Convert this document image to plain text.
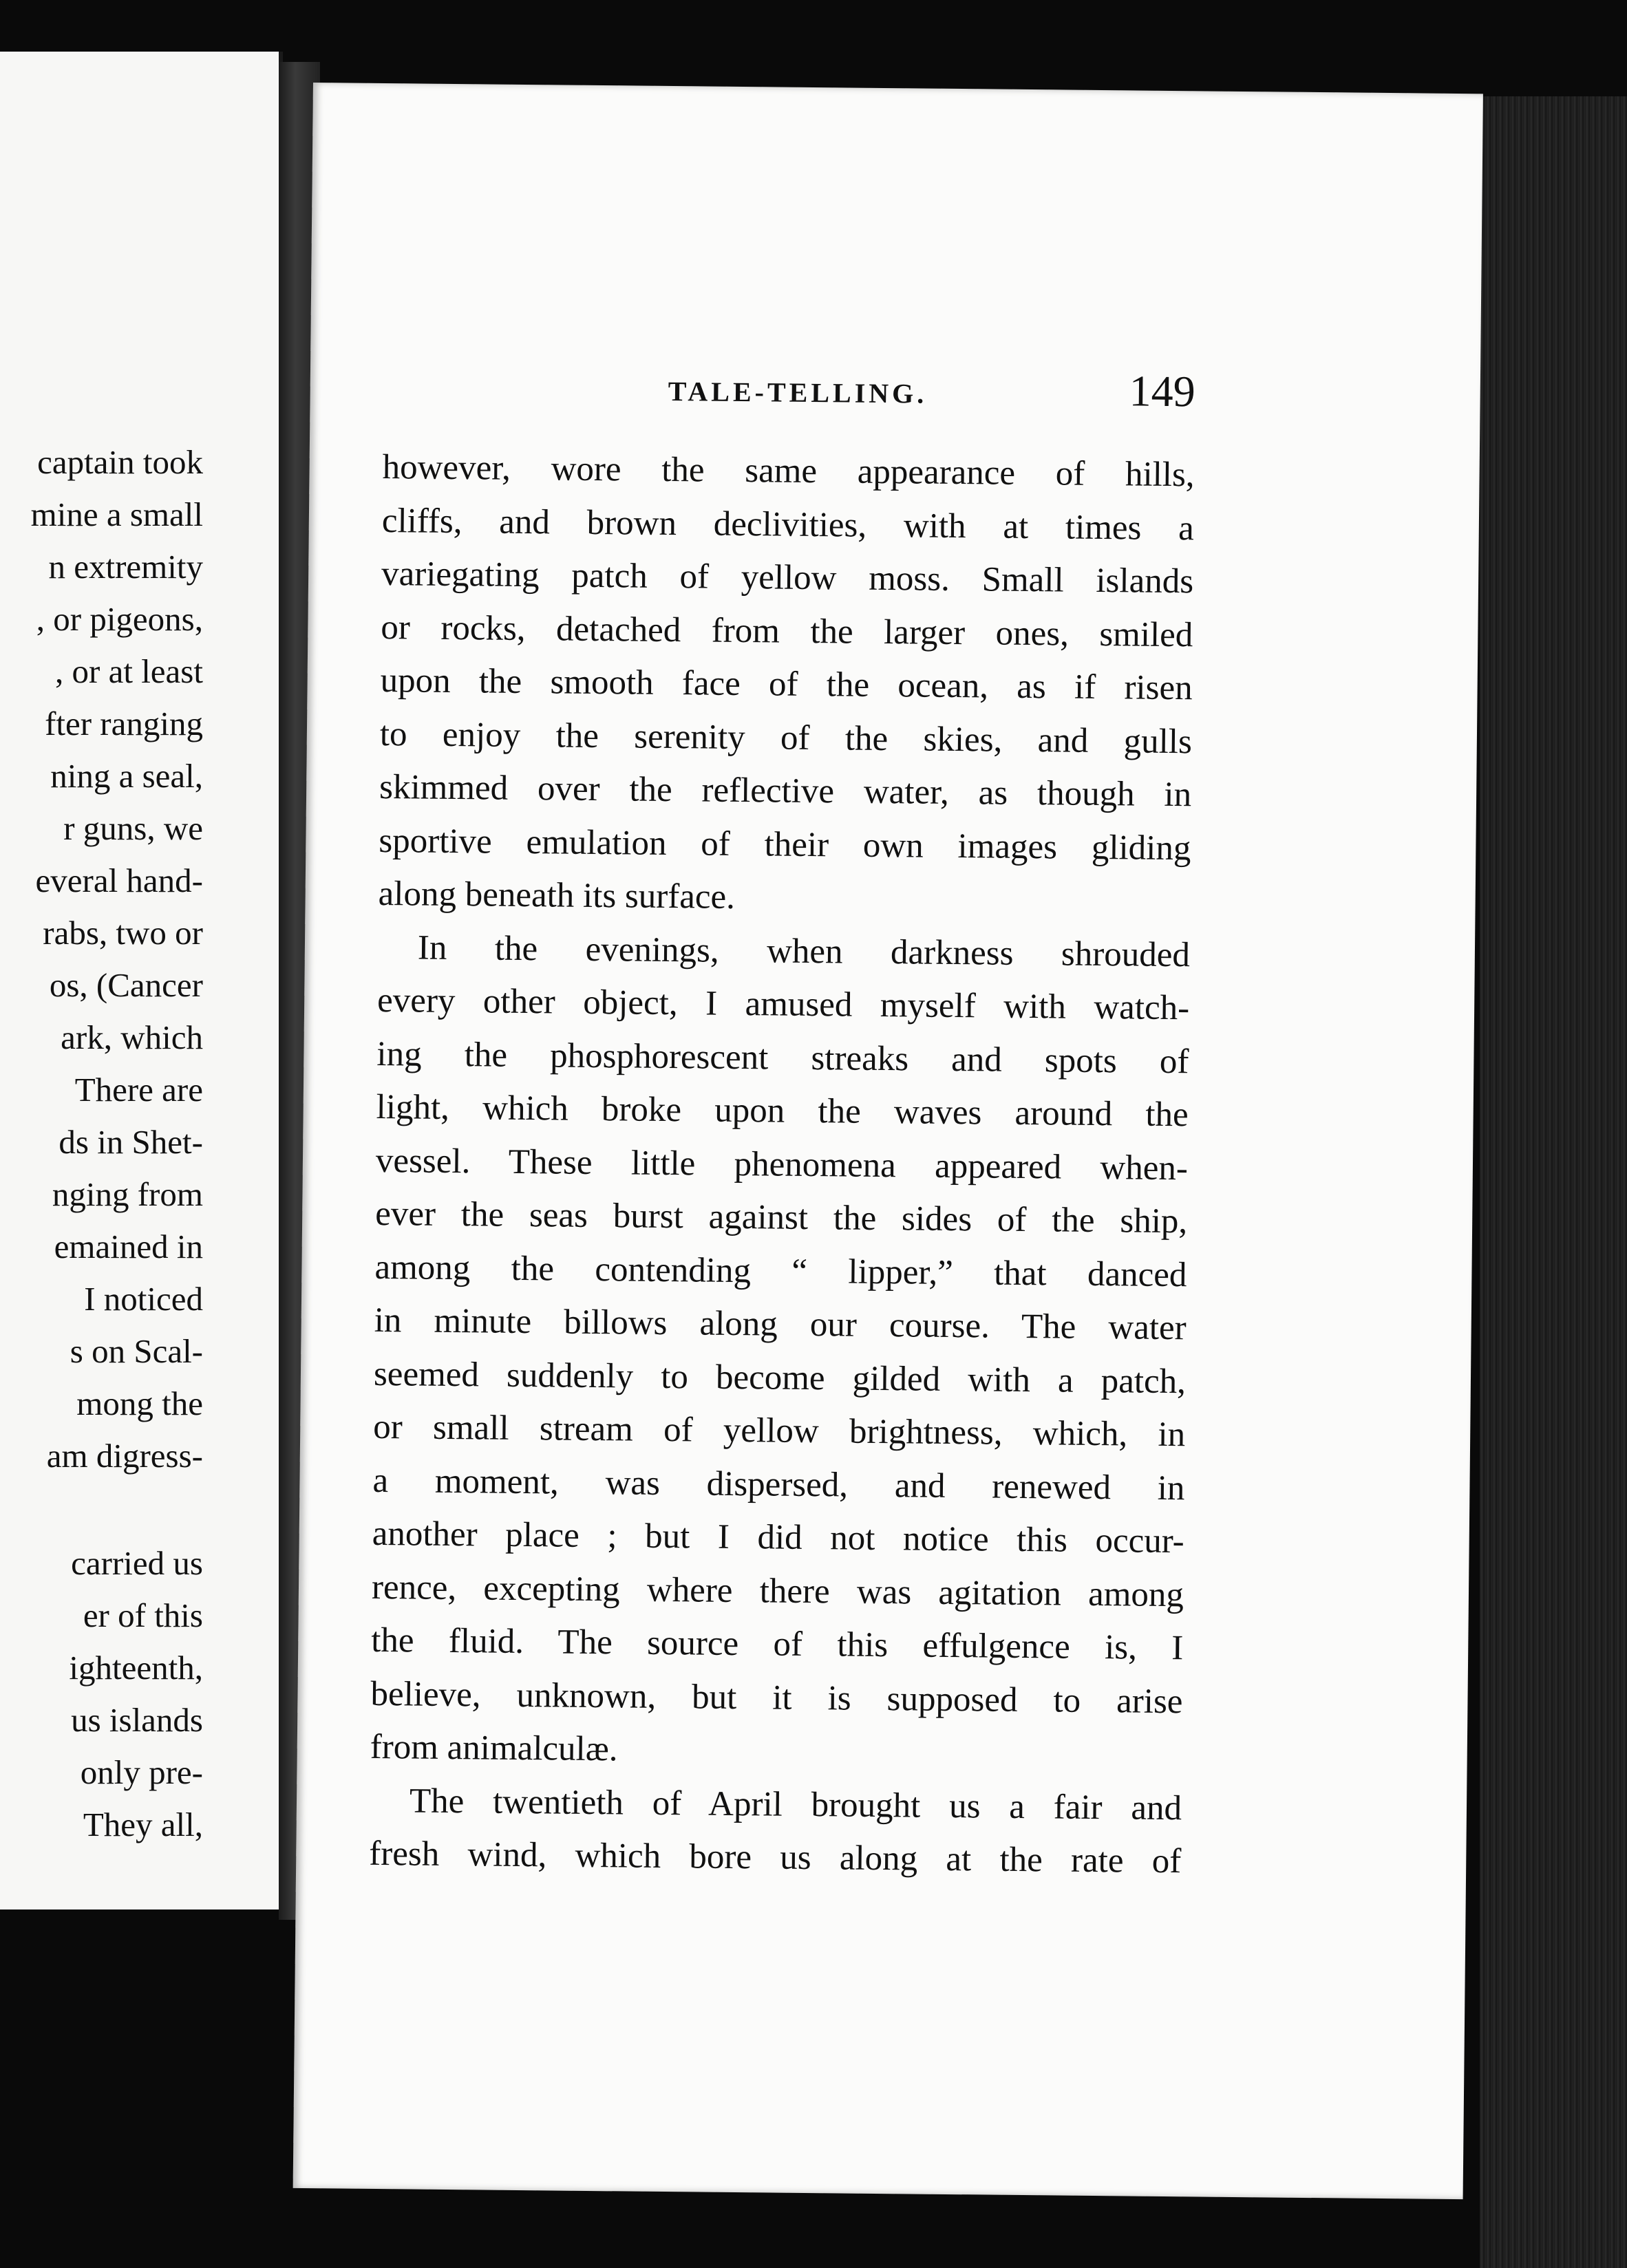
captain took
mine a small
n extremity
, or pigeons,
, or at least
fter ranging
ning a seal,
r guns, we
everal hand-
rabs, two or
os, (Cancer
ark, which
There are
ds in Shet-
nging from
emained in
I noticed
s on Scal-
mong the
am digress-
carried us
er of this
ighteenth,
us islands
only pre-
They all,
TALE-TELLING.	149
however, wore the same appearance of hills,
cliffs, and brown declivities, with at times a
variegating patch of yellow moss. Small islands
or rocks, detached from the larger ones, smiled
upon the smooth face of the ocean, as if risen
to enjoy the serenity of the skies, and gulls
skimmed over the reflective water, as though in
sportive emulation of their own images gliding
along beneath its surface.
In the evenings, when darkness shrouded
every other object, I amused myself with watch-
ing the phosphorescent streaks and spots of
light, which broke upon the waves around the
vessel. These little phenomena appeared when-
ever the seas burst against the sides of the ship,
among the contending “ lipper,” that danced
in minute billows along our course. The water
seemed suddenly to become gilded with a patch,
or small stream of yellow brightness, which, in
a moment, was dispersed, and renewed in
another place ; but I did not notice this occur-
rence, excepting where there was agitation among
the fluid. The source of this effulgence is, I
believe, unknown, but it is supposed to arise
from animalculæ.
The twentieth of April brought us a fair and
fresh wind, which bore us along at the rate of
